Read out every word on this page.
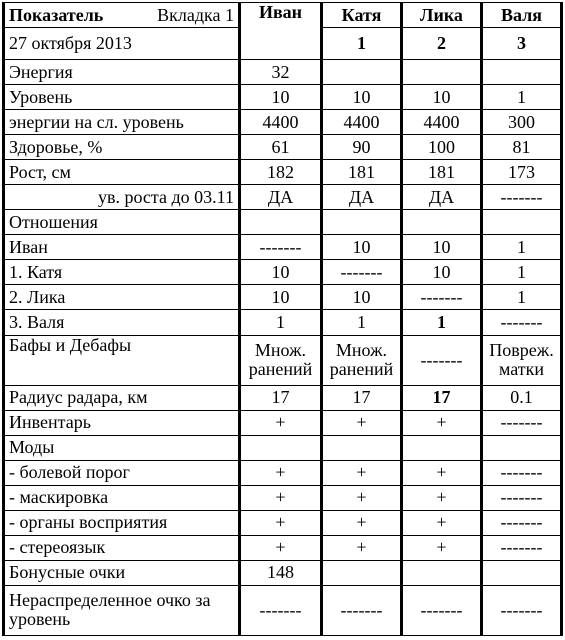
Показатель Вкладка 1	Иван	Катя	Лика	Валя
27 октября 2013		1	2	3
Энергия	32			
Уровень	10	10	10	1
энергии на сл. уровень	4400	4400	4400	300
Здоровье, %	61	90	100	81
Рост, см	182	181	181	173
ув. роста до 03.11	ДА	ДА	ДА	-------
Отношения				
Иван	-------	10	10	1
1. Катя	10	-------	10	1
2. Лика	10	10	-------	1
3. Валя	1	1	1	-------
Бафы и Дебафы	Множ. ранений	Множ. ранений	-------	Повреж. матки
Радиус радара, км	17	17	17	0.1
Инвентарь	+	+	+	-------
Моды				
- болевой порог	+	+	+	-------
- маскировка	+	+	+	-------
- органы восприятия	+	+	+	-------
- стереоязык	+	+	+	-------
Бонусные очки	148			
Нераспределенное очко за уровень	-------	-------	-------	-------
